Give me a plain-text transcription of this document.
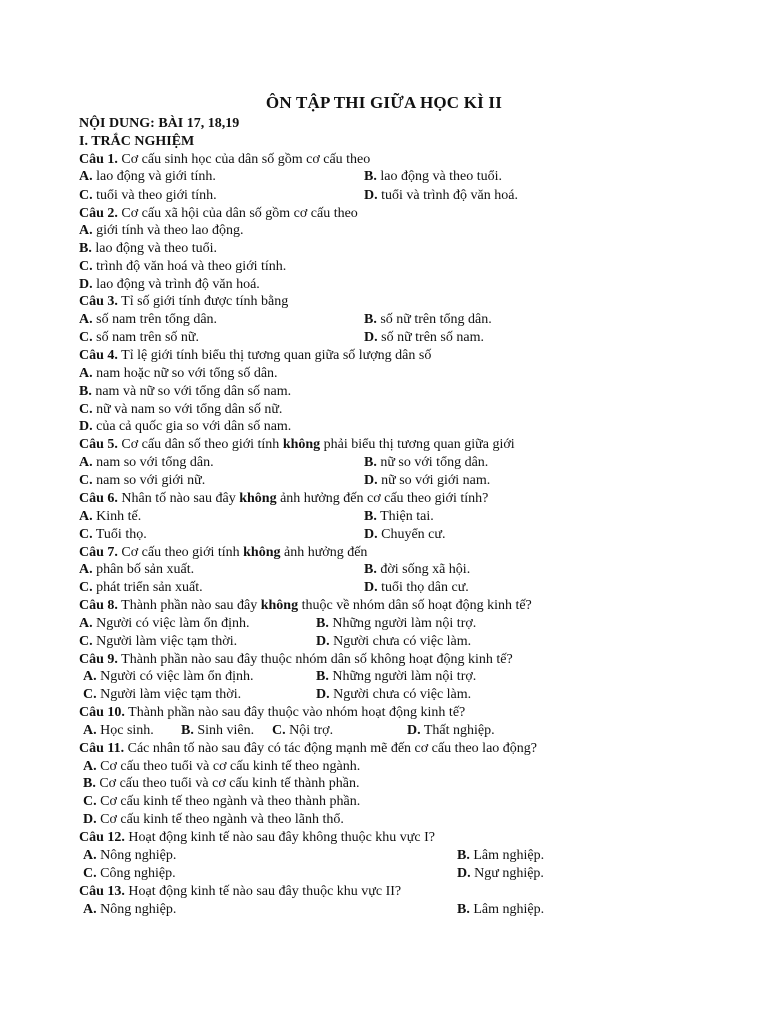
ÔN TẬP THI GIỮA HỌC KÌ II
NỘI DUNG: BÀI 17, 18,19
I. TRẮC NGHIỆM
Câu 1. Cơ cấu sinh học của dân số gồm cơ cấu theo
A. lao động và giới tính.	B. lao động và theo tuổi.
C. tuổi và theo giới tính.	D. tuổi và trình độ văn hoá.
Câu 2. Cơ cấu xã hội của dân số gồm cơ cấu theo
A. giới tính và theo lao động.
B. lao động và theo tuổi.
C. trình độ văn hoá và theo giới tính.
D. lao động và trình độ văn hoá.
Câu 3. Tỉ số giới tính được tính bằng
A. số nam trên tổng dân.	B. số nữ trên tổng dân.
C. số nam trên số nữ.	D. số nữ trên số nam.
Câu 4. Tỉ lệ giới tính biểu thị tương quan giữa số lượng dân số
A. nam hoặc nữ so với tổng số dân.
B. nam và nữ so với tổng dân số nam.
C. nữ và nam so với tổng dân số nữ.
D. của cả quốc gia so với dân số nam.
Câu 5. Cơ cấu dân số theo giới tính không phải biểu thị tương quan giữa giới
A. nam so với tổng dân.	B. nữ so với tổng dân.
C. nam so với giới nữ.	D. nữ so với giới nam.
Câu 6. Nhân tố nào sau đây không ảnh hưởng đến cơ cấu theo giới tính?
A. Kinh tế.	B. Thiện tai.
C. Tuổi thọ.	D. Chuyển cư.
Câu 7. Cơ cấu theo giới tính không ảnh hưởng đến
A. phân bố sản xuất.	B. đời sống xã hội.
C. phát triển sản xuất.	D. tuổi thọ dân cư.
Câu 8. Thành phần nào sau đây không thuộc về nhóm dân số hoạt động kinh tế?
A. Người có việc làm ổn định.	B. Những người làm nội trợ.
C. Người làm việc tạm thời.	D. Người chưa có việc làm.
Câu 9. Thành phần nào sau đây thuộc nhóm dân số không hoạt động kinh tế?
A. Người có việc làm ổn định.	B. Những người làm nội trợ.
C. Người làm việc tạm thời.	D. Người chưa có việc làm.
Câu 10. Thành phần nào sau đây thuộc vào nhóm hoạt động kinh tế?
A. Học sinh. B. Sinh viên. C. Nội trợ.	D. Thất nghiệp.
Câu 11. Các nhân tố nào sau đây có tác động mạnh mẽ đến cơ cấu theo lao động?
A. Cơ cấu theo tuổi và cơ cấu kinh tế theo ngành.
B. Cơ cấu theo tuổi và cơ cấu kinh tế thành phần.
C. Cơ cấu kinh tế theo ngành và theo thành phần.
D. Cơ cấu kinh tế theo ngành và theo lãnh thổ.
Câu 12. Hoạt động kinh tế nào sau đây không thuộc khu vực I?
A. Nông nghiệp.	B. Lâm nghiệp.
C. Công nghiệp.	D. Ngư nghiệp.
Câu 13. Hoạt động kinh tế nào sau đây thuộc khu vực II?
A. Nông nghiệp.	B. Lâm nghiệp.
